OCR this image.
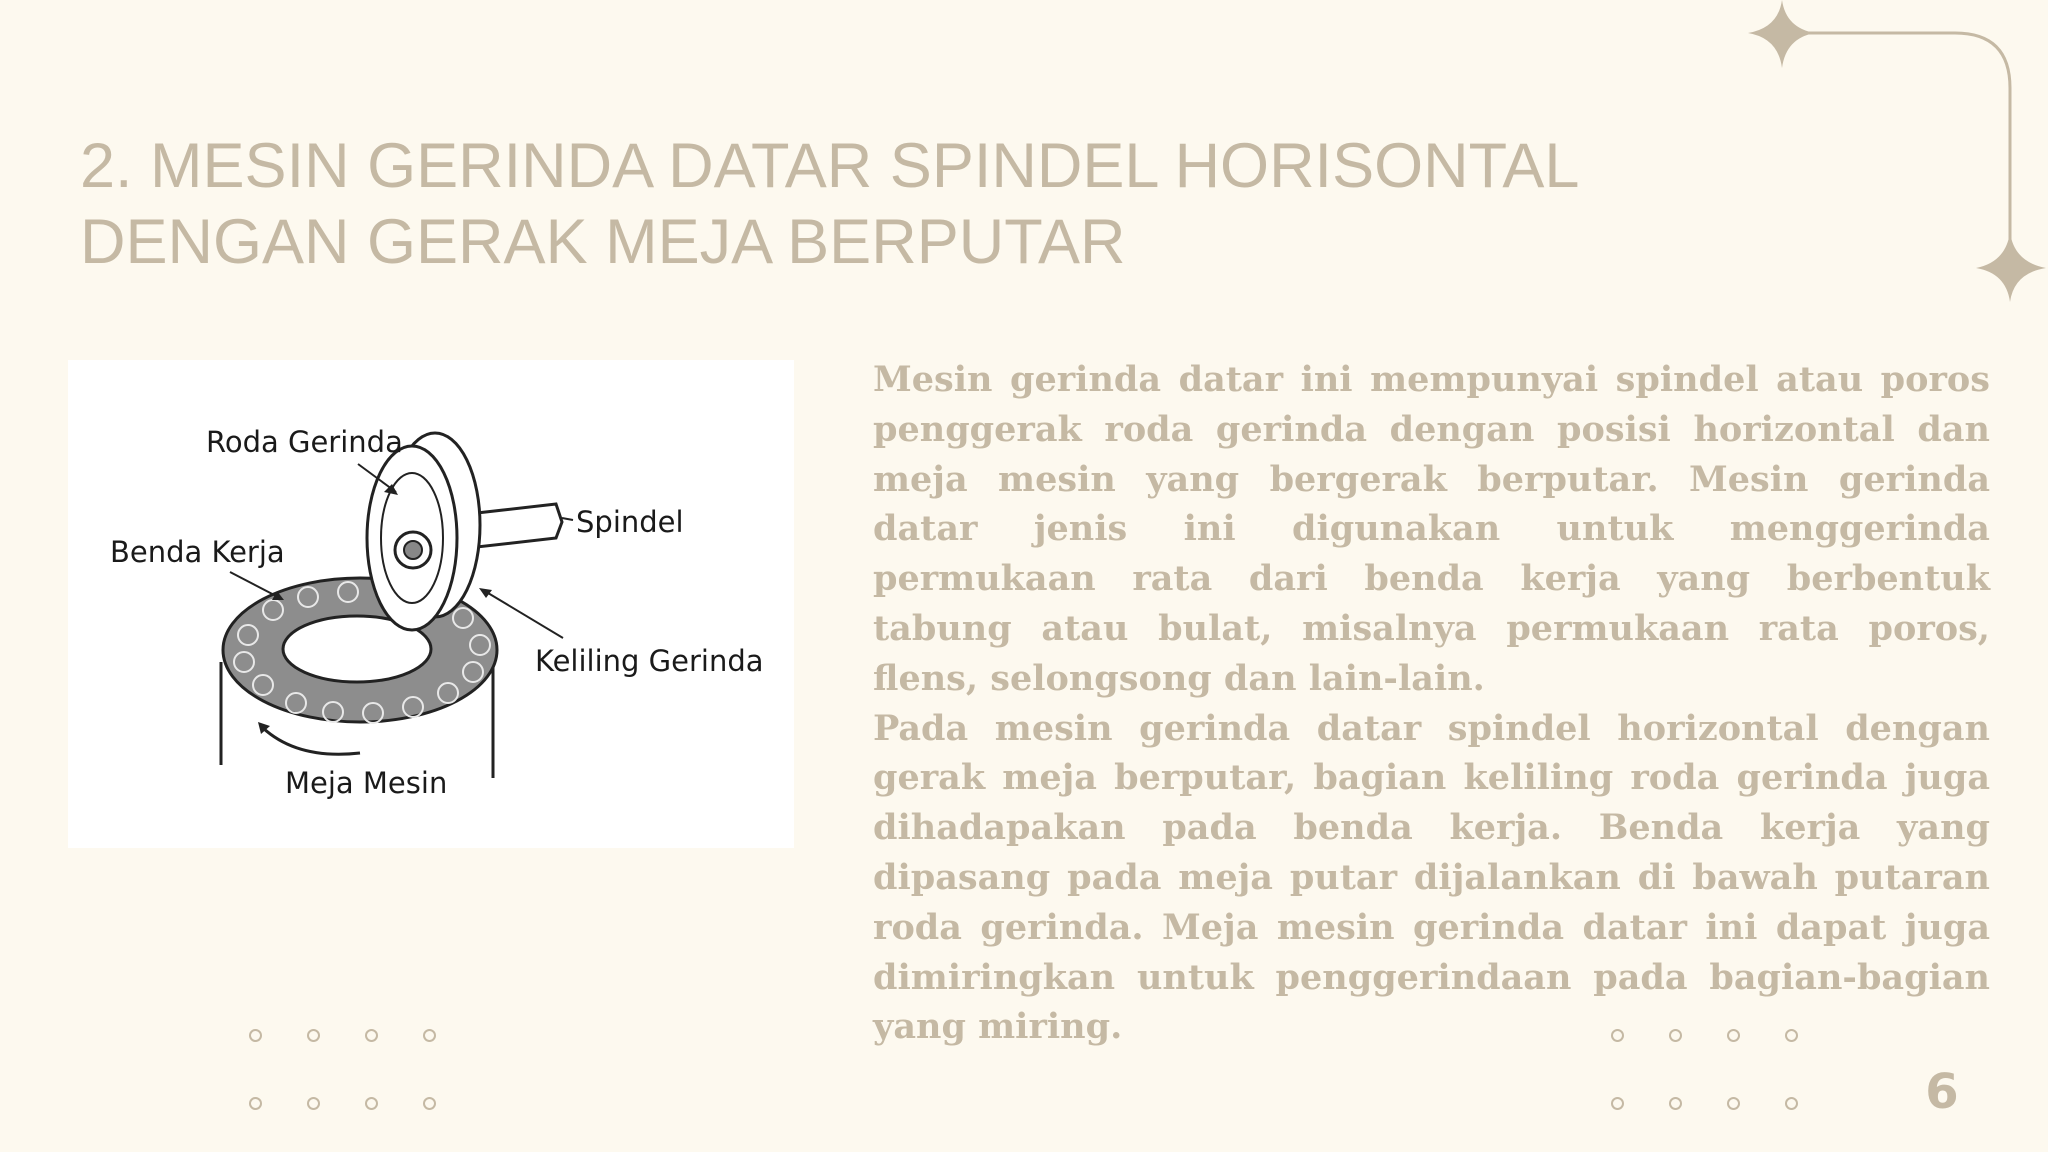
2. MESIN GERINDA DATAR SPINDEL HORISONTAL
DENGAN GERAK MEJA BERPUTAR
Roda Gerinda
Spindel
Benda Kerja
Keliling Gerinda
Meja Mesin

Mesin gerinda datar ini mempunyai spindel atau poros penggerak roda gerinda dengan posisi horizontal dan meja mesin yang bergerak berputar. Mesin gerinda datar jenis ini digunakan untuk menggerinda permukaan rata dari benda kerja yang berbentuk tabung atau bulat, misalnya permukaan rata poros, flens, selongsong dan lain-lain.

Pada mesin gerinda datar spindel horizontal dengan gerak meja berputar, bagian keliling roda gerinda juga dihadapakan pada benda kerja. Benda kerja yang dipasang pada meja putar dijalankan di bawah putaran roda gerinda. Meja mesin gerinda datar ini dapat juga dimiringkan untuk penggerindaan pada bagian-bagian yang miring.

6
